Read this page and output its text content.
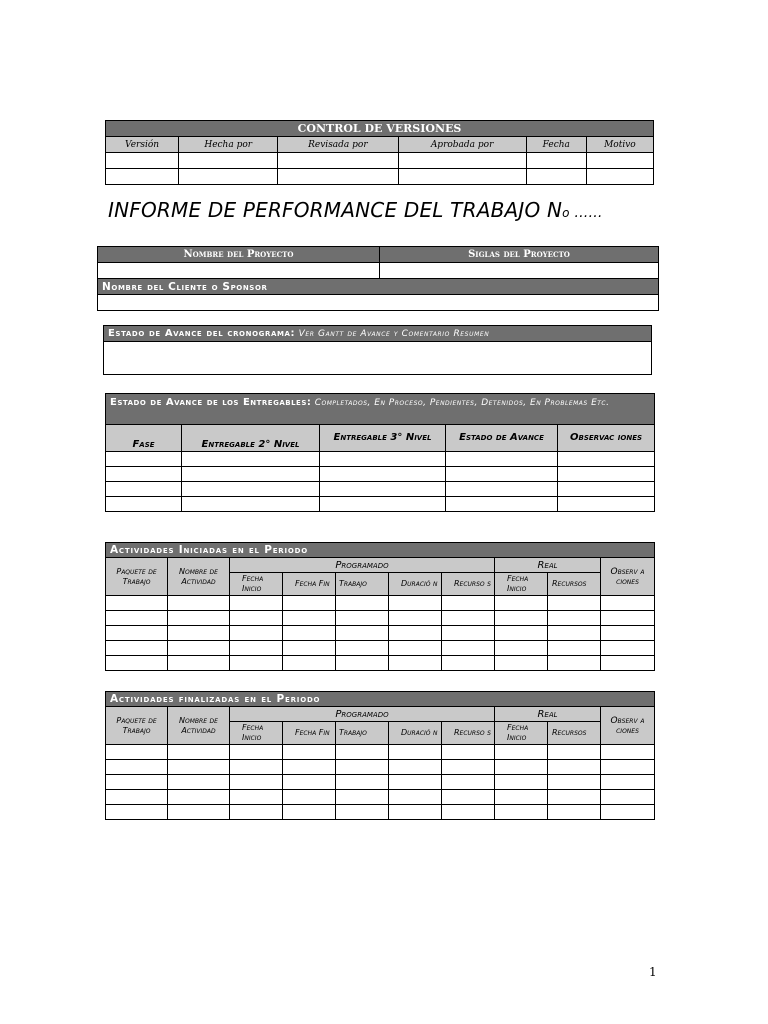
CONTROL DE VERSIONES					
Versión	Hecha por	Revisada por	Aprobada por	Fecha	Motivo

INFORME DE PERFORMANCE DEL TRABAJO No ……
Nombre del Proyecto	Siglas del Proyecto

Nombre del Cliente o Sponsor	

Estado de Avance del cronograma: Ver Gantt de Avance y Comentario Resumen

Estado de Avance de los Entregables: Completados, En Proceso, Pendientes, Detenidos, En Problemas Etc.				
Fase	Entregable 2° Nivel	Entregable 3° Nivel	Estado de Avance	Observac iones

Actividades Iniciadas en el Periodo									
Paquete de Trabajo	Nombre de Actividad	Programado					Real		Observ a ciones
		Fecha Inicio	Fecha Fin	Trabajo	Duració n	Recurso s	Fecha Inicio	Recursos	

Actividades finalizadas en el Periodo									
Paquete de Trabajo	Nombre de Actividad	Programado					Real		Observ a ciones
		Fecha Inicio	Fecha Fin	Trabajo	Duració n	Recurso s	Fecha Inicio	Recursos	

1
